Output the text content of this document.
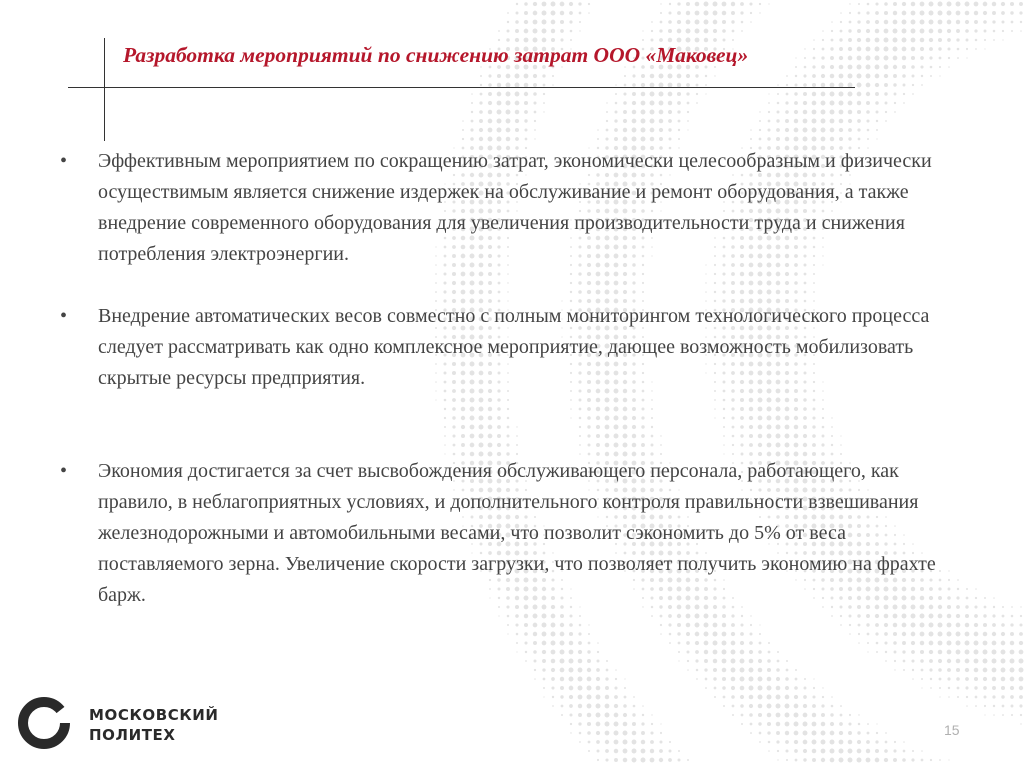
Разработка мероприятий по снижению затрат ООО «Маковец»
•	Эффективным мероприятием по сокращению затрат, экономически целесообразным и физически осуществимым является снижение издержек на обслуживание и ремонт оборудования, а также внедрение современного оборудования для увеличения производительности труда и снижения потребления электроэнергии.
•	Внедрение автоматических весов совместно с полным мониторингом технологического процесса следует рассматривать как одно комплексное мероприятие, дающее возможность мобилизовать скрытые ресурсы предприятия.
•	Экономия достигается за счет высвобождения обслуживающего персонала, работающего, как правило, в неблагоприятных условиях, и дополнительного контроля правильности взвешивания железнодорожными и автомобильными весами, что позволит сэкономить до 5% от веса поставляемого зерна. Увеличение скорости загрузки, что позволяет получить экономию на фрахте барж.
МОСКОВСКИЙ
ПОЛИТЕХ	15
